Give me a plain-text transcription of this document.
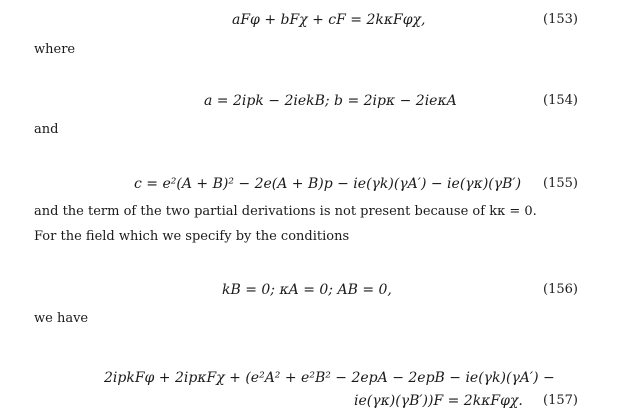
aFφ + bFχ + cF = 2kκFφχ,	(153)
where
a = 2ipk − 2iekB; b = 2ipκ − 2ieκA	(154)
and
c = e²(A + B)² − 2e(A + B)p − ie(γk)(γA′) − ie(γκ)(γB′) (155)
and the term of the two partial derivations is not present because of kκ = 0.
For the field which we specify by the conditions
kB = 0; κA = 0; AB = 0,	(156)
we have
2ipkFφ + 2ipκFχ + (e²A² + e²B² − 2epA − 2epB − ie(γk)(γA′) −
ie(γκ)(γB′))F = 2kκFφχ. (157)
